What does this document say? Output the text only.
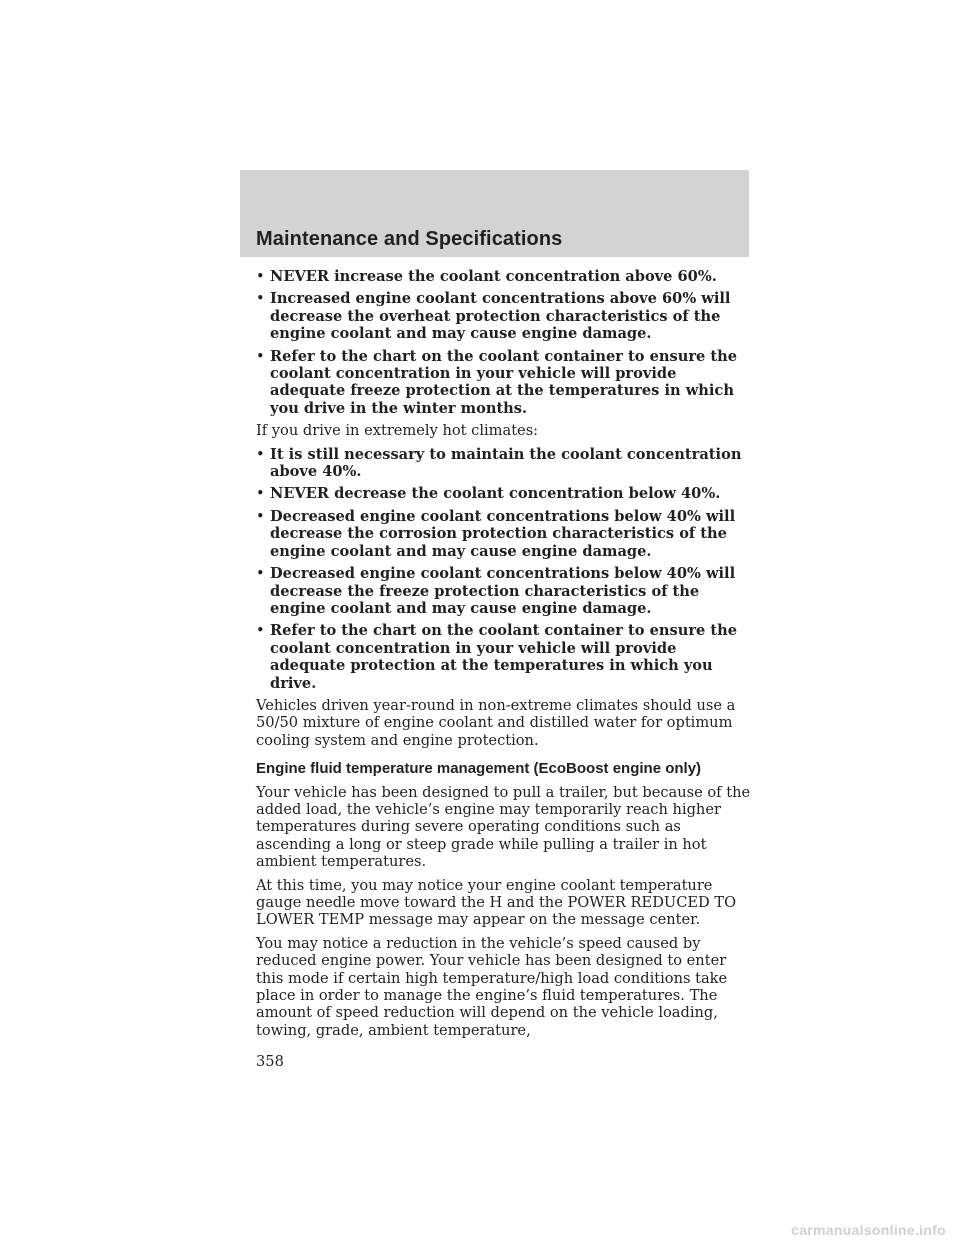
Maintenance and Specifications
• NEVER increase the coolant concentration above 60%.
• Increased engine coolant concentrations above 60% will decrease the overheat protection characteristics of the engine coolant and may cause engine damage.
• Refer to the chart on the coolant container to ensure the coolant concentration in your vehicle will provide adequate freeze protection at the temperatures in which you drive in the winter months.

If you drive in extremely hot climates:

• It is still necessary to maintain the coolant concentration above 40%.
• NEVER decrease the coolant concentration below 40%.
• Decreased engine coolant concentrations below 40% will decrease the corrosion protection characteristics of the engine coolant and may cause engine damage.
• Decreased engine coolant concentrations below 40% will decrease the freeze protection characteristics of the engine coolant and may cause engine damage.
• Refer to the chart on the coolant container to ensure the coolant concentration in your vehicle will provide adequate protection at the temperatures in which you drive.

Vehicles driven year-round in non-extreme climates should use a 50/50 mixture of engine coolant and distilled water for optimum cooling system and engine protection.

Engine fluid temperature management (EcoBoost engine only)

Your vehicle has been designed to pull a trailer, but because of the added load, the vehicle’s engine may temporarily reach higher temperatures during severe operating conditions such as ascending a long or steep grade while pulling a trailer in hot ambient temperatures.

At this time, you may notice your engine coolant temperature gauge needle move toward the H and the POWER REDUCED TO LOWER TEMP message may appear on the message center.

You may notice a reduction in the vehicle’s speed caused by reduced engine power. Your vehicle has been designed to enter this mode if certain high temperature/high load conditions take place in order to manage the engine’s fluid temperatures. The amount of speed reduction will depend on the vehicle loading, towing, grade, ambient temperature,

358
carmanualsonline.info
